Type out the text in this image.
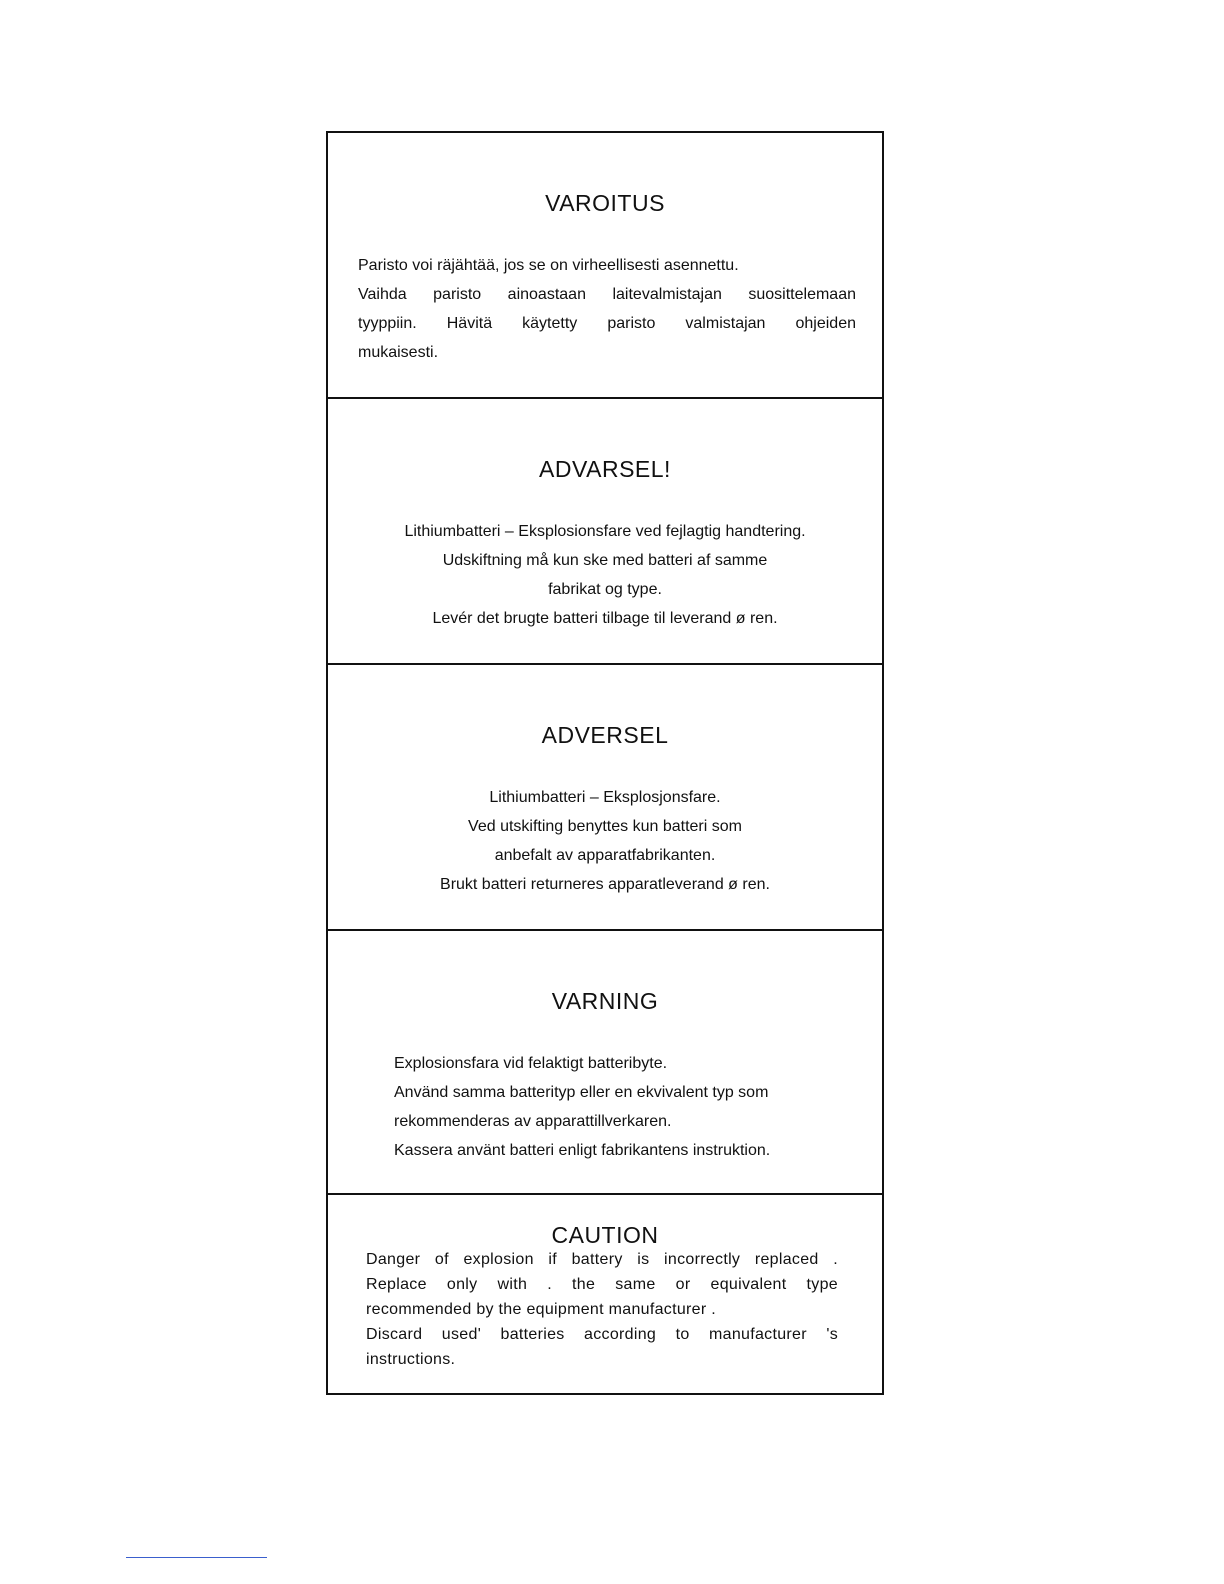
VAROITUS
Paristo voi räjähtää, jos se on virheellisesti asennettu.
Vaihda paristo ainoastaan laitevalmistajan suosittelemaan
tyyppiin. Hävitä käytetty paristo valmistajan ohjeiden
mukaisesti.
ADVARSEL!
Lithiumbatteri – Eksplosionsfare ved fejlagtig handtering.
Udskiftning må kun ske med batteri af samme
fabrikat og type.
Levér det brugte batteri tilbage til leverand ø ren.
ADVERSEL
Lithiumbatteri – Eksplosjonsfare.
Ved utskifting benyttes kun batteri som
anbefalt av apparatfabrikanten.
Brukt batteri returneres apparatleverand ø ren.
VARNING
Explosionsfara vid felaktigt batteribyte.
Använd samma batterityp eller en ekvivalent typ som
rekommenderas av apparattillverkaren.
Kassera använt batteri enligt fabrikantens instruktion.
CAUTION
Danger of explosion if battery is incorrectly replaced .
Replace only with . the same or equivalent type
recommended by the equipment manufacturer .
Discard used' batteries according to manufacturer 's
instructions.
